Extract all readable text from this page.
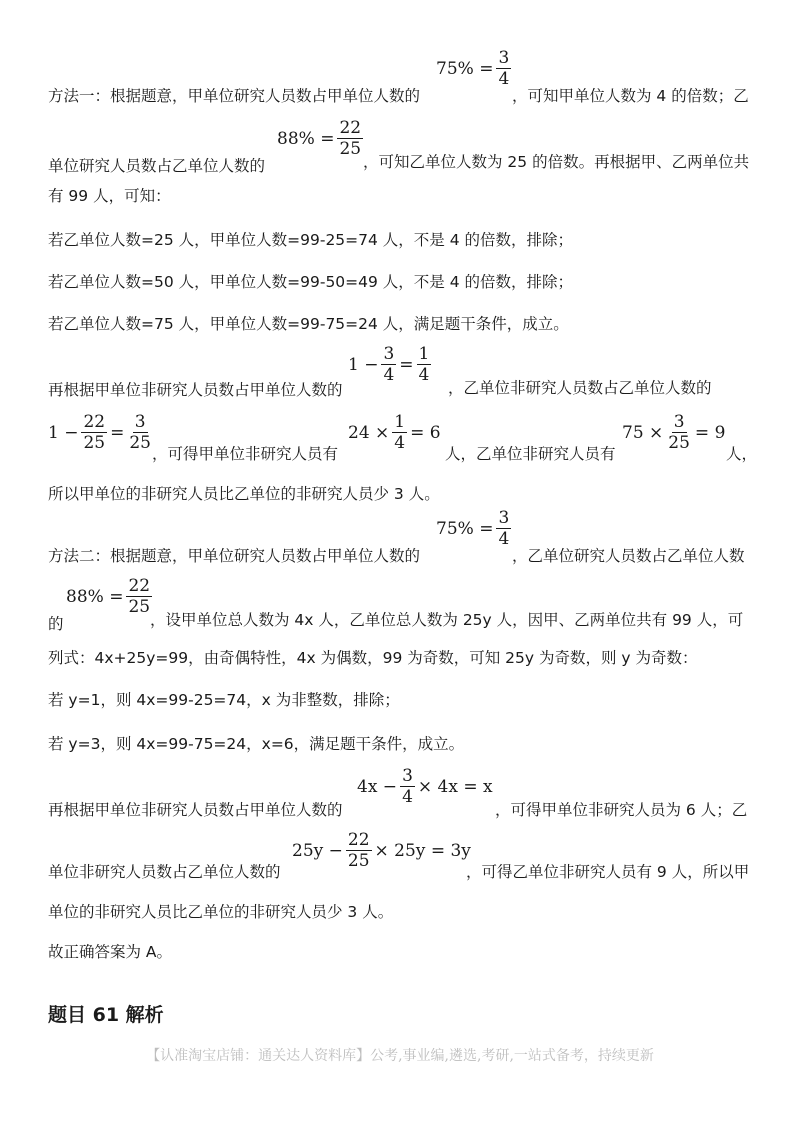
方法一：根据题意，甲单位研究人员数占甲单位人数的
$75\% = \frac{3}{4}$
，可知甲单位人数为 4 的倍数；乙
单位研究人员数占乙单位人数的
$88\% = \frac{22}{25}$
，可知乙单位人数为 25 的倍数。再根据甲、乙两单位共
有 99 人，可知：
若乙单位人数=25 人，甲单位人数=99-25=74 人，不是 4 的倍数，排除；
若乙单位人数=50 人，甲单位人数=99-50=49 人，不是 4 的倍数，排除；
若乙单位人数=75 人，甲单位人数=99-75=24 人，满足题干条件，成立。
再根据甲单位非研究人员数占甲单位人数的
$1 - \frac{3}{4} = \frac{1}{4}$
，乙单位非研究人员数占乙单位人数的
$1 - \frac{22}{25} = \frac{3}{25}$
，可得甲单位非研究人员有
$24 \times \frac{1}{4} = 6$
人，乙单位非研究人员有
$75 \times \frac{3}{25} = 9$
人，
所以甲单位的非研究人员比乙单位的非研究人员少 3 人。
方法二：根据题意，甲单位研究人员数占甲单位人数的
$75\% = \frac{3}{4}$
，乙单位研究人员数占乙单位人数
$88\% = \frac{22}{25}$
的	，设甲单位总人数为 4x 人，乙单位总人数为 25y 人，因甲、乙两单位共有 99 人，可
列式：4x+25y=99，由奇偶特性，4x 为偶数，99 为奇数，可知 25y 为奇数，则 y 为奇数：
若 y=1，则 4x=99-25=74，x 为非整数，排除；
若 y=3，则 4x=99-75=24，x=6，满足题干条件，成立。
再根据甲单位非研究人员数占甲单位人数的
$4x - \frac{3}{4} \times 4x = x$
，可得甲单位非研究人员为 6 人；乙
单位非研究人员数占乙单位人数的
$25y - \frac{22}{25} \times 25y = 3y$
，可得乙单位非研究人员有 9 人，所以甲
单位的非研究人员比乙单位的非研究人员少 3 人。
故正确答案为 A。
题目 61 解析
【认准淘宝店铺：通关达人资料库】公考,事业编,遴选,考研,一站式备考，持续更新
